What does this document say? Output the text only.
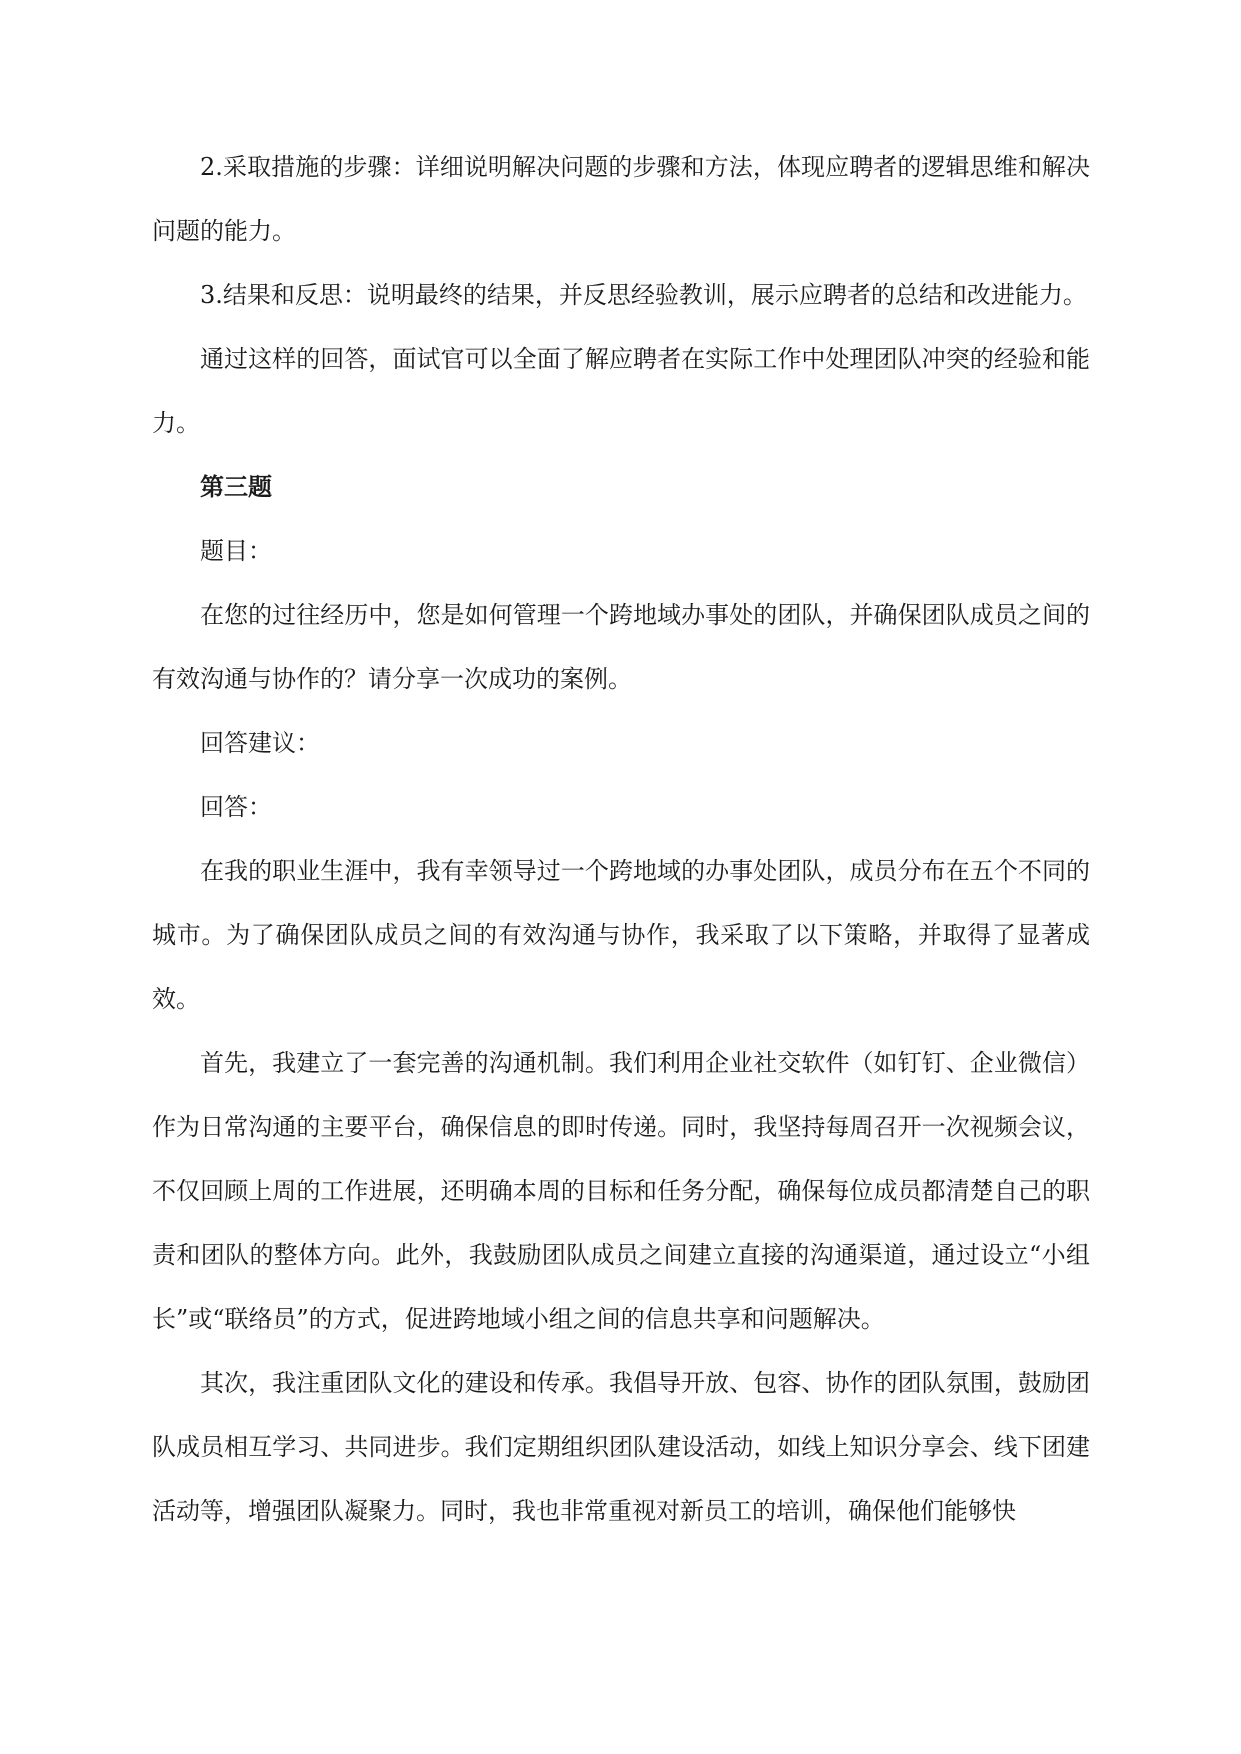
2.采取措施的步骤：详细说明解决问题的步骤和方法，体现应聘者的逻辑思维和解决问题的能力。

3.结果和反思：说明最终的结果，并反思经验教训，展示应聘者的总结和改进能力。

通过这样的回答，面试官可以全面了解应聘者在实际工作中处理团队冲突的经验和能力。

第三题

题目：

在您的过往经历中，您是如何管理一个跨地域办事处的团队，并确保团队成员之间的有效沟通与协作的？请分享一次成功的案例。

回答建议：

回答：

在我的职业生涯中，我有幸领导过一个跨地域的办事处团队，成员分布在五个不同的城市。为了确保团队成员之间的有效沟通与协作，我采取了以下策略，并取得了显著成效。

首先，我建立了一套完善的沟通机制。我们利用企业社交软件（如钉钉、企业微信）作为日常沟通的主要平台，确保信息的即时传递。同时，我坚持每周召开一次视频会议，不仅回顾上周的工作进展，还明确本周的目标和任务分配，确保每位成员都清楚自己的职责和团队的整体方向。此外，我鼓励团队成员之间建立直接的沟通渠道，通过设立“小组长”或“联络员”的方式，促进跨地域小组之间的信息共享和问题解决。

其次，我注重团队文化的建设和传承。我倡导开放、包容、协作的团队氛围，鼓励团队成员相互学习、共同进步。我们定期组织团队建设活动，如线上知识分享会、线下团建活动等，增强团队凝聚力。同时，我也非常重视对新员工的培训，确保他们能够快
